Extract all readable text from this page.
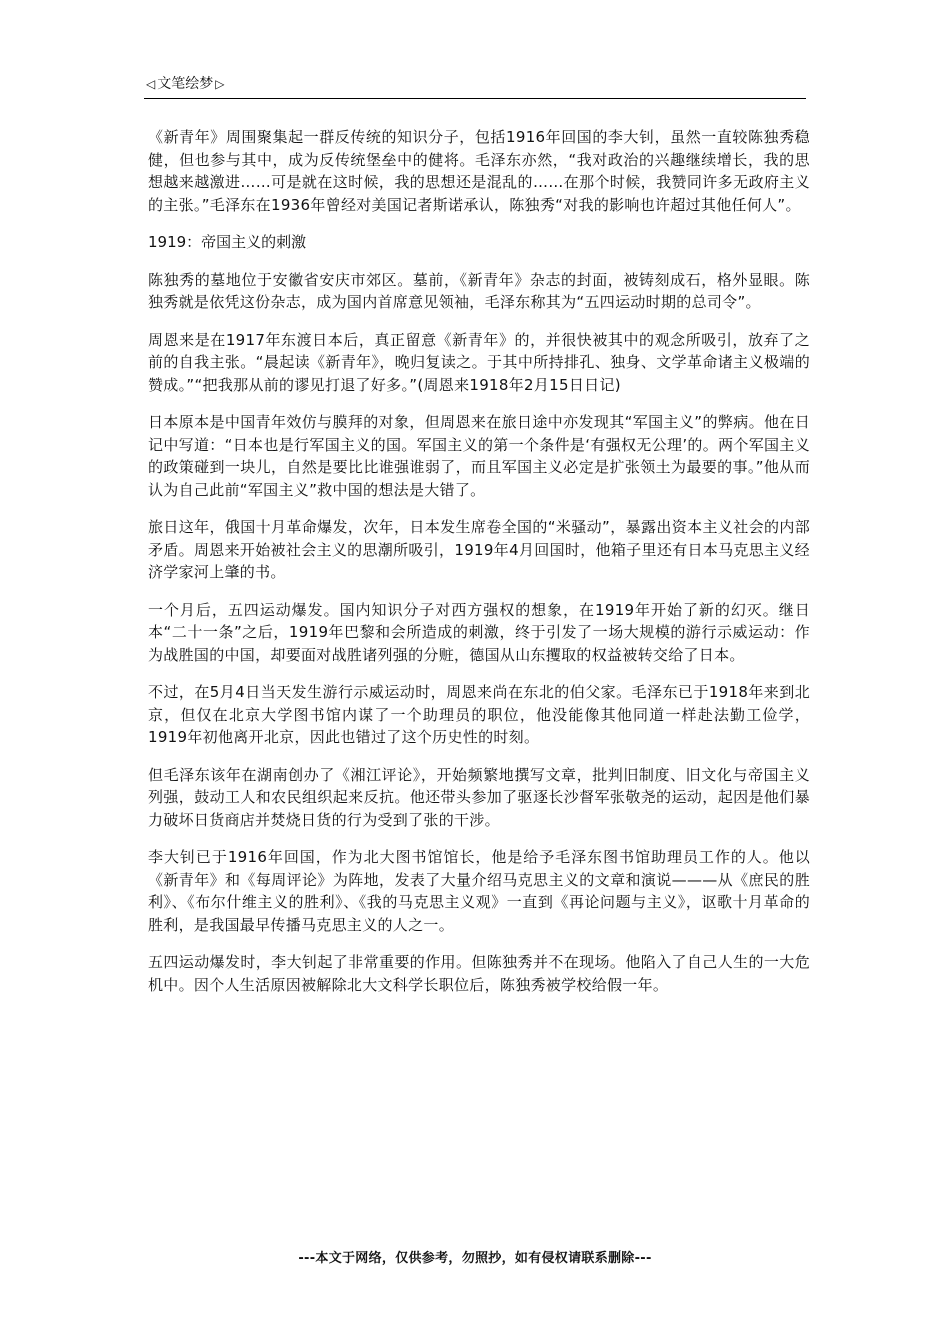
◁ 文笔绘梦 ▷

《新青年》周围聚集起一群反传统的知识分子，包括1916年回国的李大钊，虽然一直较陈独秀稳健，但也参与其中，成为反传统堡垒中的健将。毛泽东亦然，“我对政治的兴趣继续增长，我的思想越来越激进……可是就在这时候，我的思想还是混乱的……在那个时候，我赞同许多无政府主义的主张。”毛泽东在1936年曾经对美国记者斯诺承认，陈独秀“对我的影响也许超过其他任何人”。

1919：帝国主义的刺激

陈独秀的墓地位于安徽省安庆市郊区。墓前，《新青年》杂志的封面，被铸刻成石，格外显眼。陈独秀就是依凭这份杂志，成为国内首席意见领袖，毛泽东称其为“五四运动时期的总司令”。

周恩来是在1917年东渡日本后，真正留意《新青年》的，并很快被其中的观念所吸引，放弃了之前的自我主张。“晨起读《新青年》，晚归复读之。于其中所持排孔、独身、文学革命诸主义极端的赞成。”“把我那从前的谬见打退了好多。”(周恩来1918年2月15日日记)

日本原本是中国青年效仿与膜拜的对象，但周恩来在旅日途中亦发现其“军国主义”的弊病。他在日记中写道：“日本也是行军国主义的国。军国主义的第一个条件是‘有强权无公理’的。两个军国主义的政策碰到一块儿，自然是要比比谁强谁弱了，而且军国主义必定是扩张领土为最要的事。”他从而认为自己此前“军国主义”救中国的想法是大错了。

旅日这年，俄国十月革命爆发，次年，日本发生席卷全国的“米骚动”，暴露出资本主义社会的内部矛盾。周恩来开始被社会主义的思潮所吸引，1919年4月回国时，他箱子里还有日本马克思主义经济学家河上肇的书。

一个月后，五四运动爆发。国内知识分子对西方强权的想象，在1919年开始了新的幻灭。继日本“二十一条”之后，1919年巴黎和会所造成的刺激，终于引发了一场大规模的游行示威运动：作为战胜国的中国，却要面对战胜诸列强的分赃，德国从山东攫取的权益被转交给了日本。

不过，在5月4日当天发生游行示威运动时，周恩来尚在东北的伯父家。毛泽东已于1918年来到北京，但仅在北京大学图书馆内谋了一个助理员的职位，他没能像其他同道一样赴法勤工俭学，1919年初他离开北京，因此也错过了这个历史性的时刻。

但毛泽东该年在湖南创办了《湘江评论》，开始频繁地撰写文章，批判旧制度、旧文化与帝国主义列强，鼓动工人和农民组织起来反抗。他还带头参加了驱逐长沙督军张敬尧的运动，起因是他们暴力破坏日货商店并焚烧日货的行为受到了张的干涉。

李大钊已于1916年回国，作为北大图书馆馆长，他是给予毛泽东图书馆助理员工作的人。他以《新青年》和《每周评论》为阵地，发表了大量介绍马克思主义的文章和演说———从《庶民的胜利》、《布尔什维主义的胜利》、《我的马克思主义观》一直到《再论问题与主义》，讴歌十月革命的胜利，是我国最早传播马克思主义的人之一。

五四运动爆发时，李大钊起了非常重要的作用。但陈独秀并不在现场。他陷入了自己人生的一大危机中。因个人生活原因被解除北大文科学长职位后，陈独秀被学校给假一年。

---本文于网络，仅供参考，勿照抄，如有侵权请联系删除---
